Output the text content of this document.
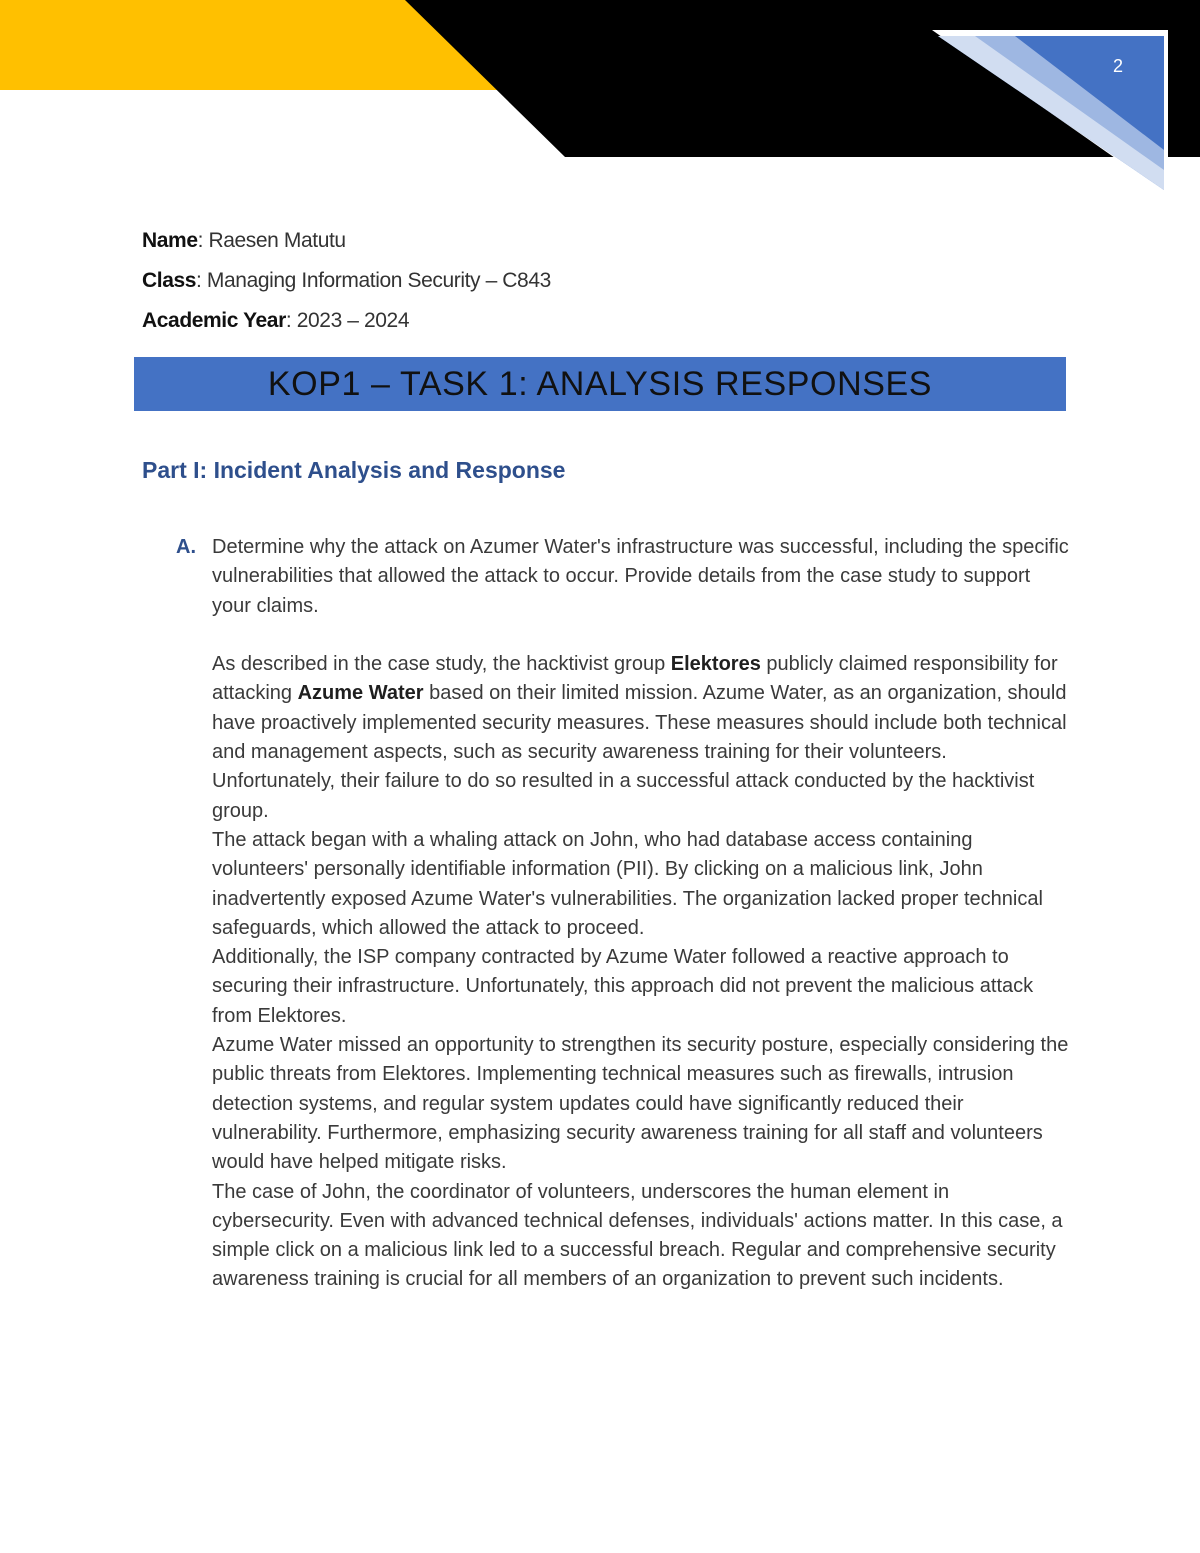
2
Name: Raesen Matutu
Class: Managing Information Security – C843
Academic Year: 2023 – 2024
KOP1 – TASK 1: ANALYSIS RESPONSES
Part I: Incident Analysis and Response
A. Determine why the attack on Azumer Water's infrastructure was successful, including the specific vulnerabilities that allowed the attack to occur. Provide details from the case study to support your claims.

As described in the case study, the hacktivist group Elektores publicly claimed responsibility for attacking Azume Water based on their limited mission. Azume Water, as an organization, should have proactively implemented security measures. These measures should include both technical and management aspects, such as security awareness training for their volunteers. Unfortunately, their failure to do so resulted in a successful attack conducted by the hacktivist group.

The attack began with a whaling attack on John, who had database access containing volunteers' personally identifiable information (PII). By clicking on a malicious link, John inadvertently exposed Azume Water's vulnerabilities. The organization lacked proper technical safeguards, which allowed the attack to proceed.

Additionally, the ISP company contracted by Azume Water followed a reactive approach to securing their infrastructure. Unfortunately, this approach did not prevent the malicious attack from Elektores.

Azume Water missed an opportunity to strengthen its security posture, especially considering the public threats from Elektores. Implementing technical measures such as firewalls, intrusion detection systems, and regular system updates could have significantly reduced their vulnerability. Furthermore, emphasizing security awareness training for all staff and volunteers would have helped mitigate risks.

The case of John, the coordinator of volunteers, underscores the human element in cybersecurity. Even with advanced technical defenses, individuals' actions matter. In this case, a simple click on a malicious link led to a successful breach. Regular and comprehensive security awareness training is crucial for all members of an organization to prevent such incidents.
